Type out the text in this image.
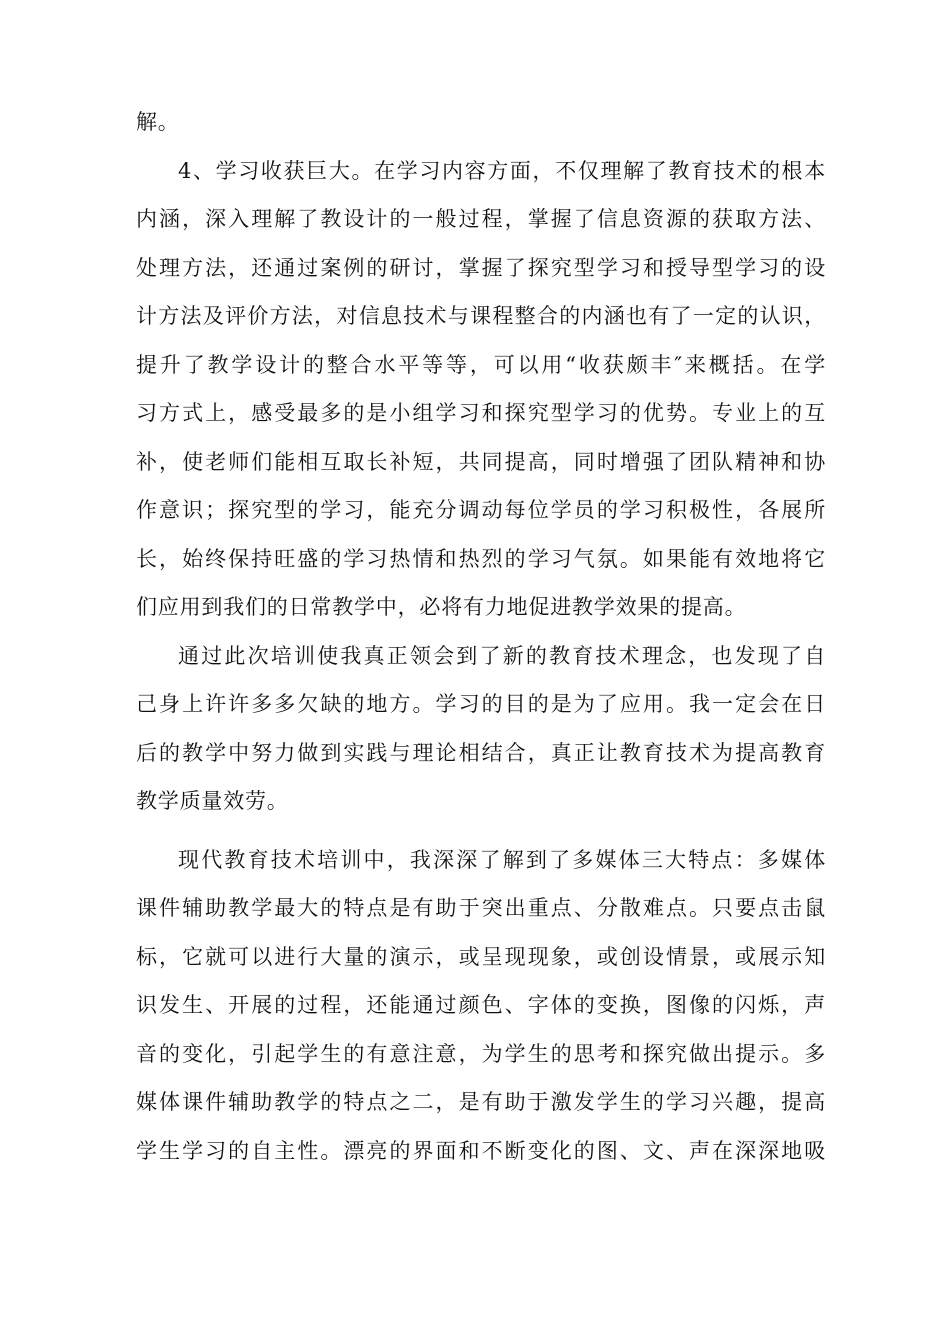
解。
4、学习收获巨大。在学习内容方面，不仅理解了教育技术的根本
内涵，深入理解了教设计的一般过程，掌握了信息资源的获取方法、
处理方法，还通过案例的研讨，掌握了探究型学习和授导型学习的设
计方法及评价方法，对信息技术与课程整合的内涵也有了一定的认识，
提升了教学设计的整合水平等等，可以用“收获颇丰″来概括。在学
习方式上，感受最多的是小组学习和探究型学习的优势。专业上的互
补，使老师们能相互取长补短，共同提高，同时增强了团队精神和协
作意识；探究型的学习，能充分调动每位学员的学习积极性，各展所
长，始终保持旺盛的学习热情和热烈的学习气氛。如果能有效地将它
们应用到我们的日常教学中，必将有力地促进教学效果的提高。
通过此次培训使我真正领会到了新的教育技术理念，也发现了自
己身上许许多多欠缺的地方。学习的目的是为了应用。我一定会在日
后的教学中努力做到实践与理论相结合，真正让教育技术为提高教育
教学质量效劳。
现代教育技术培训中，我深深了解到了多媒体三大特点：多媒体
课件辅助教学最大的特点是有助于突出重点、分散难点。只要点击鼠
标，它就可以进行大量的演示，或呈现现象，或创设情景，或展示知
识发生、开展的过程，还能通过颜色、字体的变换，图像的闪烁，声
音的变化，引起学生的有意注意，为学生的思考和探究做出提示。多
媒体课件辅助教学的特点之二，是有助于激发学生的学习兴趣，提高
学生学习的自主性。漂亮的界面和不断变化的图、文、声在深深地吸
